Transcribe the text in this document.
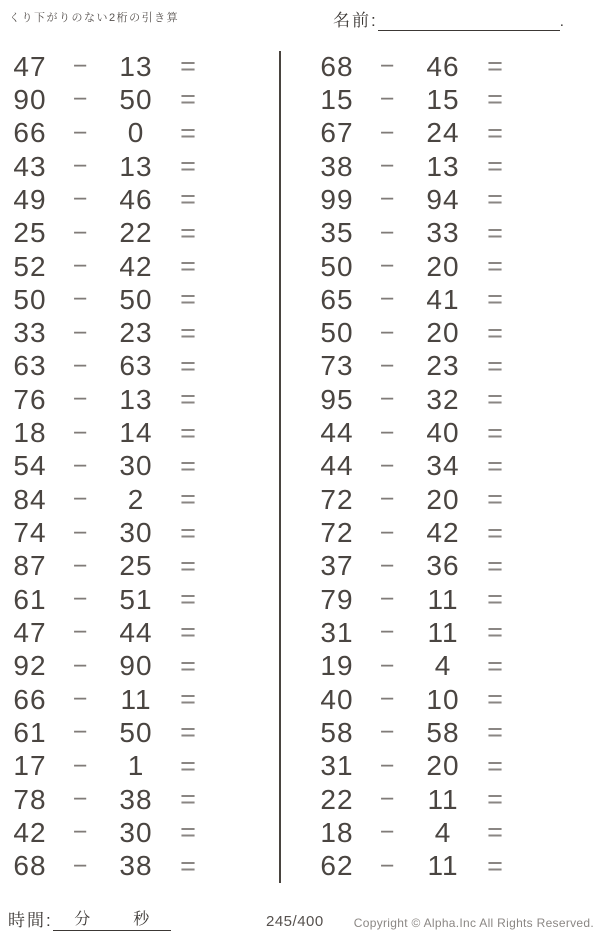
くり下がりのない2桁の引き算	名前:	.
47	−	13	=
90	−	50	=
66	−	0	=
43	−	13	=
49	−	46	=
25	−	22	=
52	−	42	=
50	−	50	=
33	−	23	=
63	−	63	=
76	−	13	=
18	−	14	=
54	−	30	=
84	−	2	=
74	−	30	=
87	−	25	=
61	−	51	=
47	−	44	=
92	−	90	=
66	−	11	=
61	−	50	=
17	−	1	=
78	−	38	=
42	−	30	=
68	−	38	=
68	−	46	=
15	−	15	=
67	−	24	=
38	−	13	=
99	−	94	=
35	−	33	=
50	−	20	=
65	−	41	=
50	−	20	=
73	−	23	=
95	−	32	=
44	−	40	=
44	−	34	=
72	−	20	=
72	−	42	=
37	−	36	=
79	−	11	=
31	−	11	=
19	−	4	=
40	−	10	=
58	−	58	=
31	−	20	=
22	−	11	=
18	−	4	=
62	−	11	=
時間: 分	秒	245/400	Copyright © Alpha.Inc All Rights Reserved.
